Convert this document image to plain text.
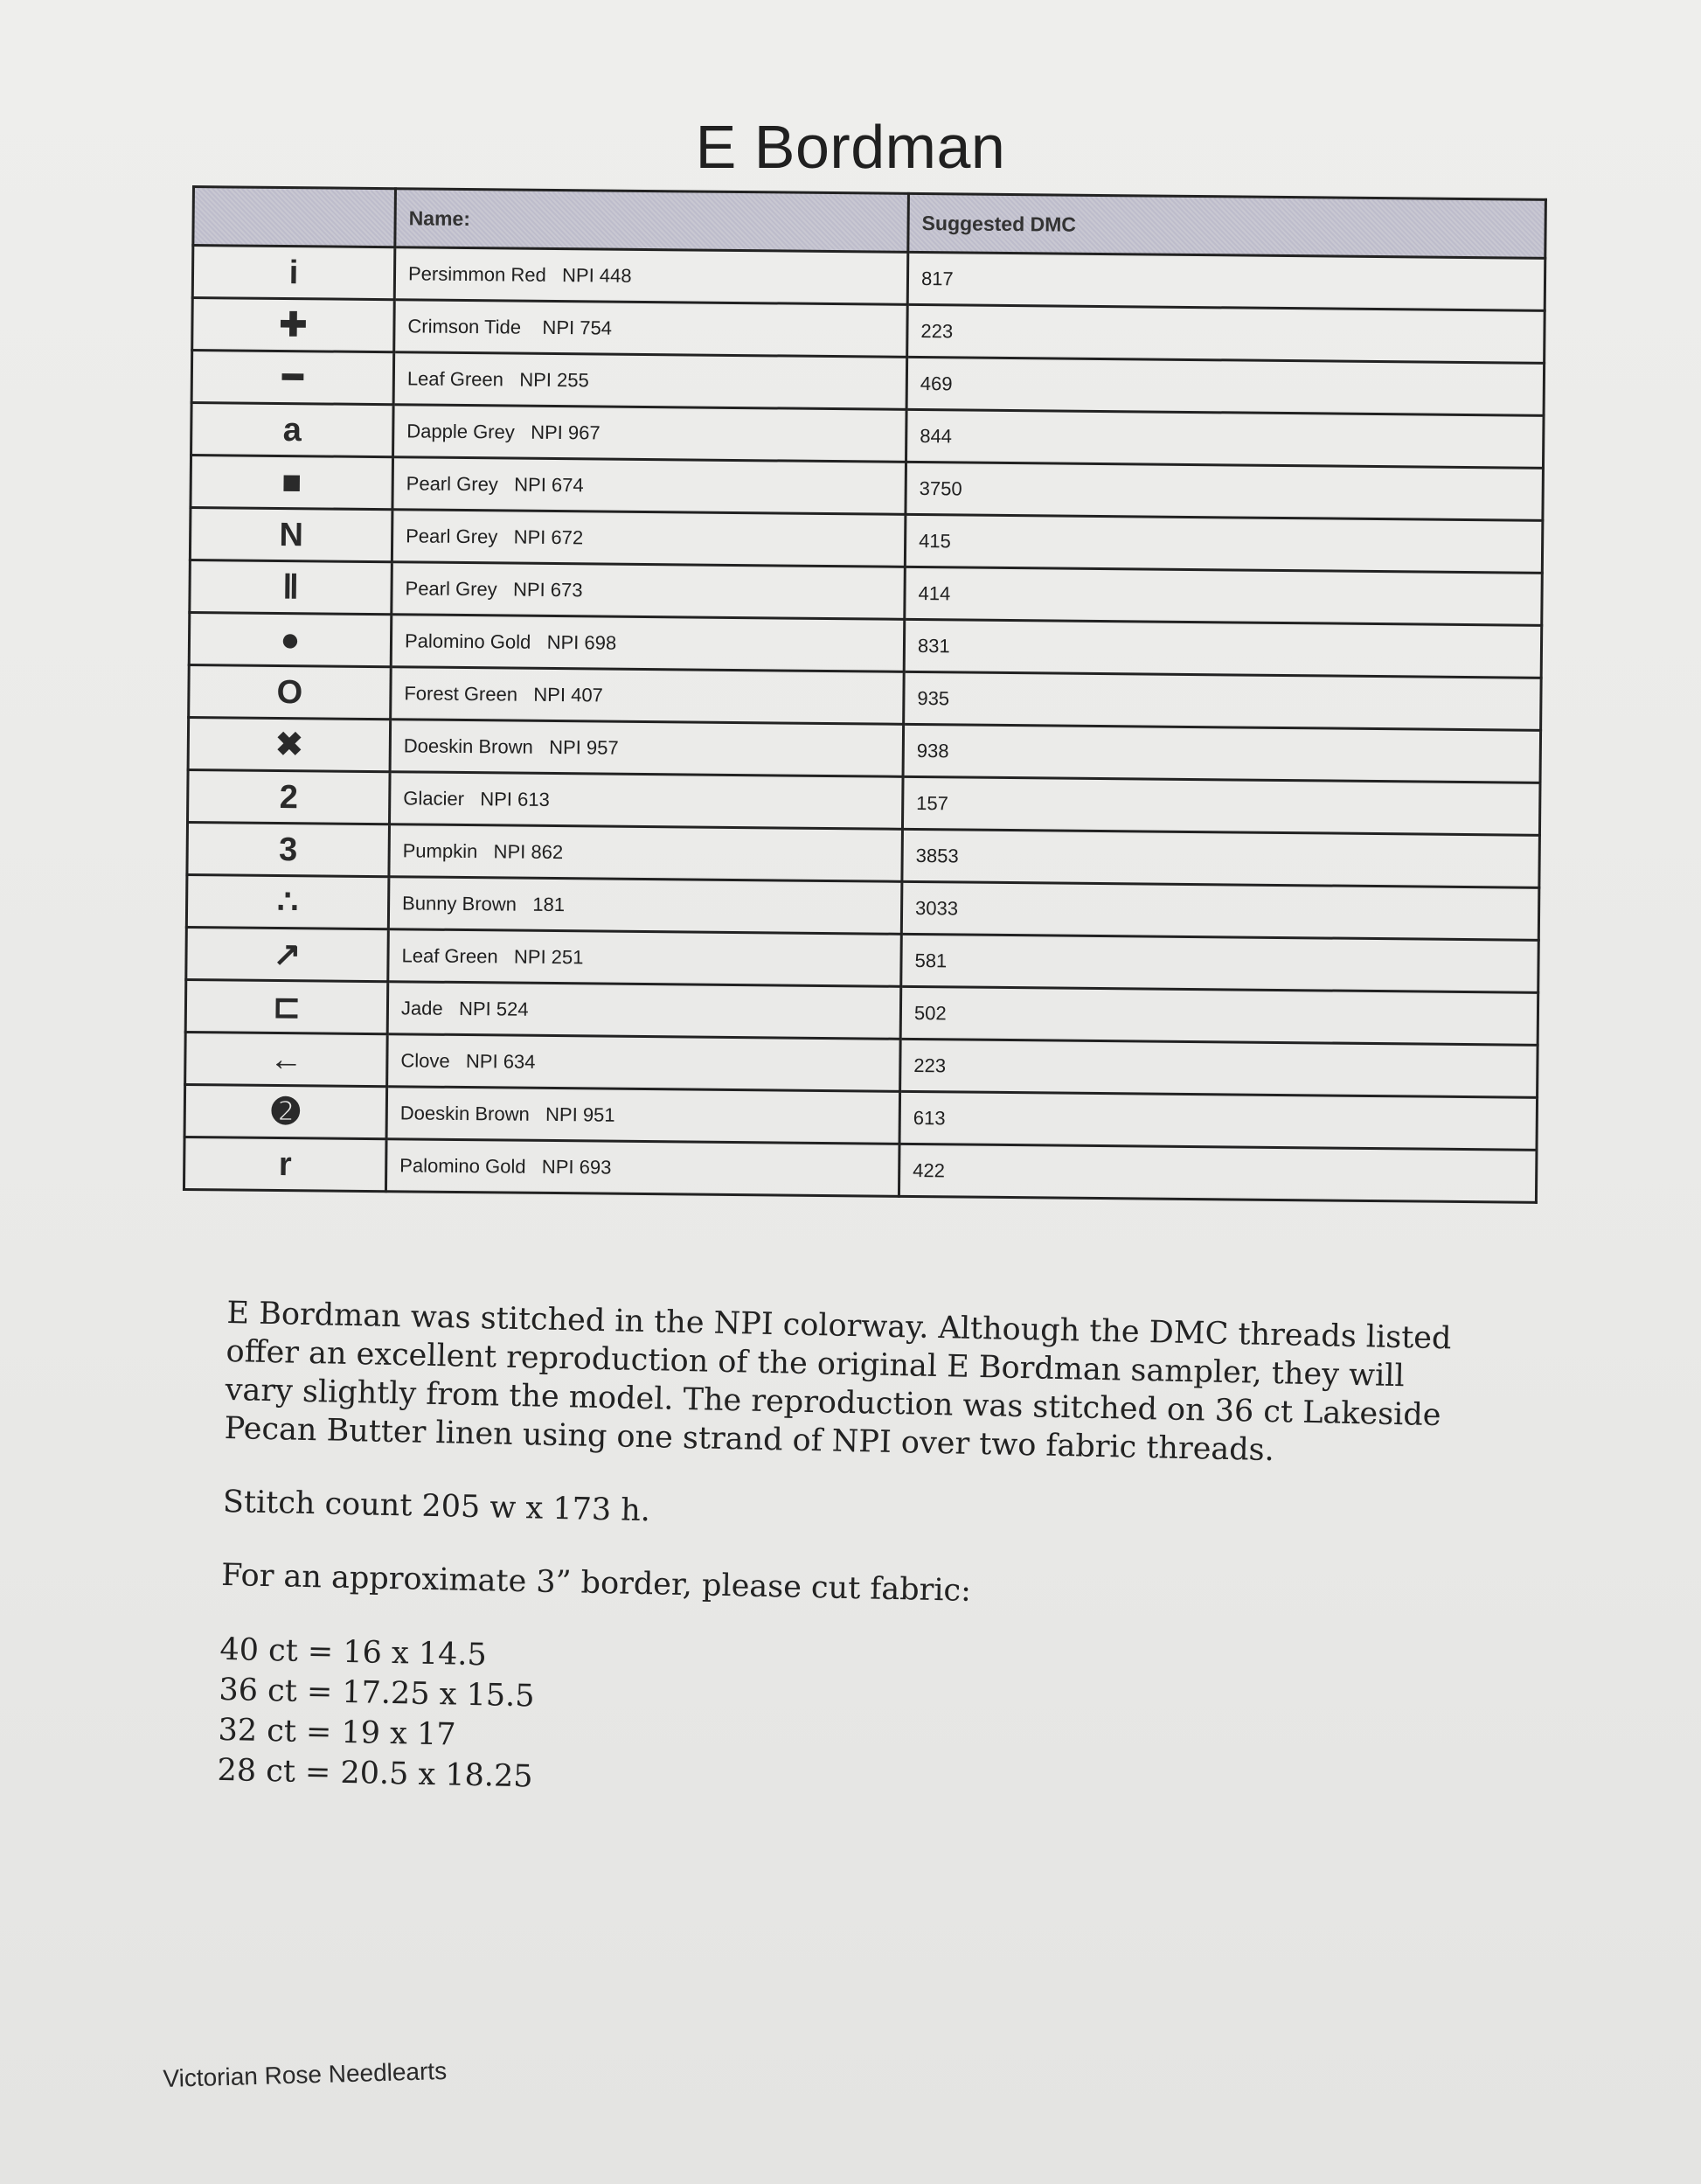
E Bordman
	Name:	Suggested DMC
i	Persimmon Red   NPI 448	817
✚	Crimson Tide    NPI 754	223
━	Leaf Green   NPI 255	469
a	Dapple Grey   NPI 967	844
■	Pearl Grey   NPI 674	3750
N	Pearl Grey   NPI 672	415
Ⅱ	Pearl Grey   NPI 673	414
●	Palomino Gold   NPI 698	831
O	Forest Green   NPI 407	935
✖	Doeskin Brown   NPI 957	938
2	Glacier   NPI 613	157
3	Pumpkin   NPI 862	3853
∴	Bunny Brown   181	3033
↗	Leaf Green   NPI 251	581
⊏	Jade   NPI 524	502
←	Clove   NPI 634	223
➋	Doeskin Brown   NPI 951	613
r	Palomino Gold   NPI 693	422

E Bordman was stitched in the NPI colorway. Although the DMC threads listed offer an excellent reproduction of the original E Bordman sampler, they will vary slightly from the model. The reproduction was stitched on 36 ct Lakeside Pecan Butter linen using one strand of NPI over two fabric threads.

Stitch count 205 w x 173 h.

For an approximate 3” border, please cut fabric:

40 ct = 16 x 14.5

36 ct = 17.25 x 15.5

32 ct = 19 x 17

28 ct = 20.5 x 18.25

Victorian Rose Needlearts
